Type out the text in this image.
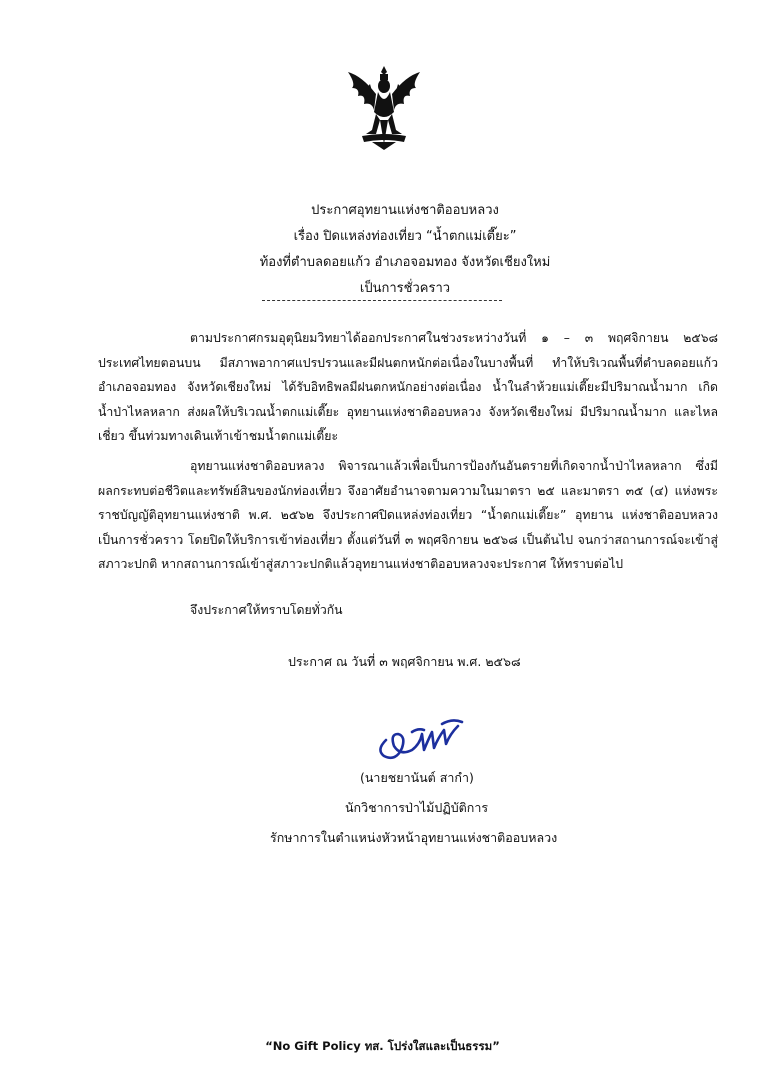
ประกาศอุทยานแห่งชาติออบหลวง
เรื่อง ปิดแหล่งท่องเที่ยว “น้ำตกแม่เตี๊ยะ”
ท้องที่ตำบลดอยแก้ว อำเภอจอมทอง จังหวัดเชียงใหม่
เป็นการชั่วคราว
ตามประกาศกรมอุตุนิยมวิทยาได้ออกประกาศในช่วงระหว่างวันที่ ๑ – ๓ พฤศจิกายน ๒๕๖๘ ประเทศไทยตอนบน มีสภาพอากาศแปรปรวนและมีฝนตกหนักต่อเนื่องในบางพื้นที่ ทำให้บริเวณพื้นที่ตำบลดอยแก้ว อำเภอจอมทอง จังหวัดเชียงใหม่ ได้รับอิทธิพลมีฝนตกหนักอย่างต่อเนื่อง น้ำในลำห้วยแม่เตี๊ยะมีปริมาณน้ำมาก เกิดน้ำป่าไหลหลาก ส่งผลให้บริเวณน้ำตกแม่เตี๊ยะ อุทยานแห่งชาติออบหลวง จังหวัดเชียงใหม่ มีปริมาณน้ำมาก และไหลเชี่ยว ขึ้นท่วมทางเดินเท้าเข้าชมน้ำตกแม่เตี๊ยะ
อุทยานแห่งชาติออบหลวง พิจารณาแล้วเพื่อเป็นการป้องกันอันตรายที่เกิดจากน้ำป่าไหลหลาก ซึ่งมีผลกระทบต่อชีวิตและทรัพย์สินของนักท่องเที่ยว จึงอาศัยอำนาจตามความในมาตรา ๒๕ และมาตรา ๓๕ (๔) แห่งพระราชบัญญัติอุทยานแห่งชาติ พ.ศ. ๒๕๖๒ จึงประกาศปิดแหล่งท่องเที่ยว “น้ำตกแม่เตี๊ยะ” อุทยาน แห่งชาติออบหลวง เป็นการชั่วคราว โดยปิดให้บริการเข้าท่องเที่ยว ตั้งแต่วันที่ ๓ พฤศจิกายน ๒๕๖๘ เป็นต้นไป จนกว่าสถานการณ์จะเข้าสู่สภาวะปกติ หากสถานการณ์เข้าสู่สภาวะปกติแล้วอุทยานแห่งชาติออบหลวงจะประกาศ ให้ทราบต่อไป
จึงประกาศให้ทราบโดยทั่วกัน
ประกาศ ณ วันที่ ๓ พฤศจิกายน พ.ศ. ๒๕๖๘
(นายชยานันต์ สากำ)
นักวิชาการป่าไม้ปฏิบัติการ
รักษาการในตำแหน่งหัวหน้าอุทยานแห่งชาติออบหลวง
“No Gift Policy ทส. โปร่งใสและเป็นธรรม”
